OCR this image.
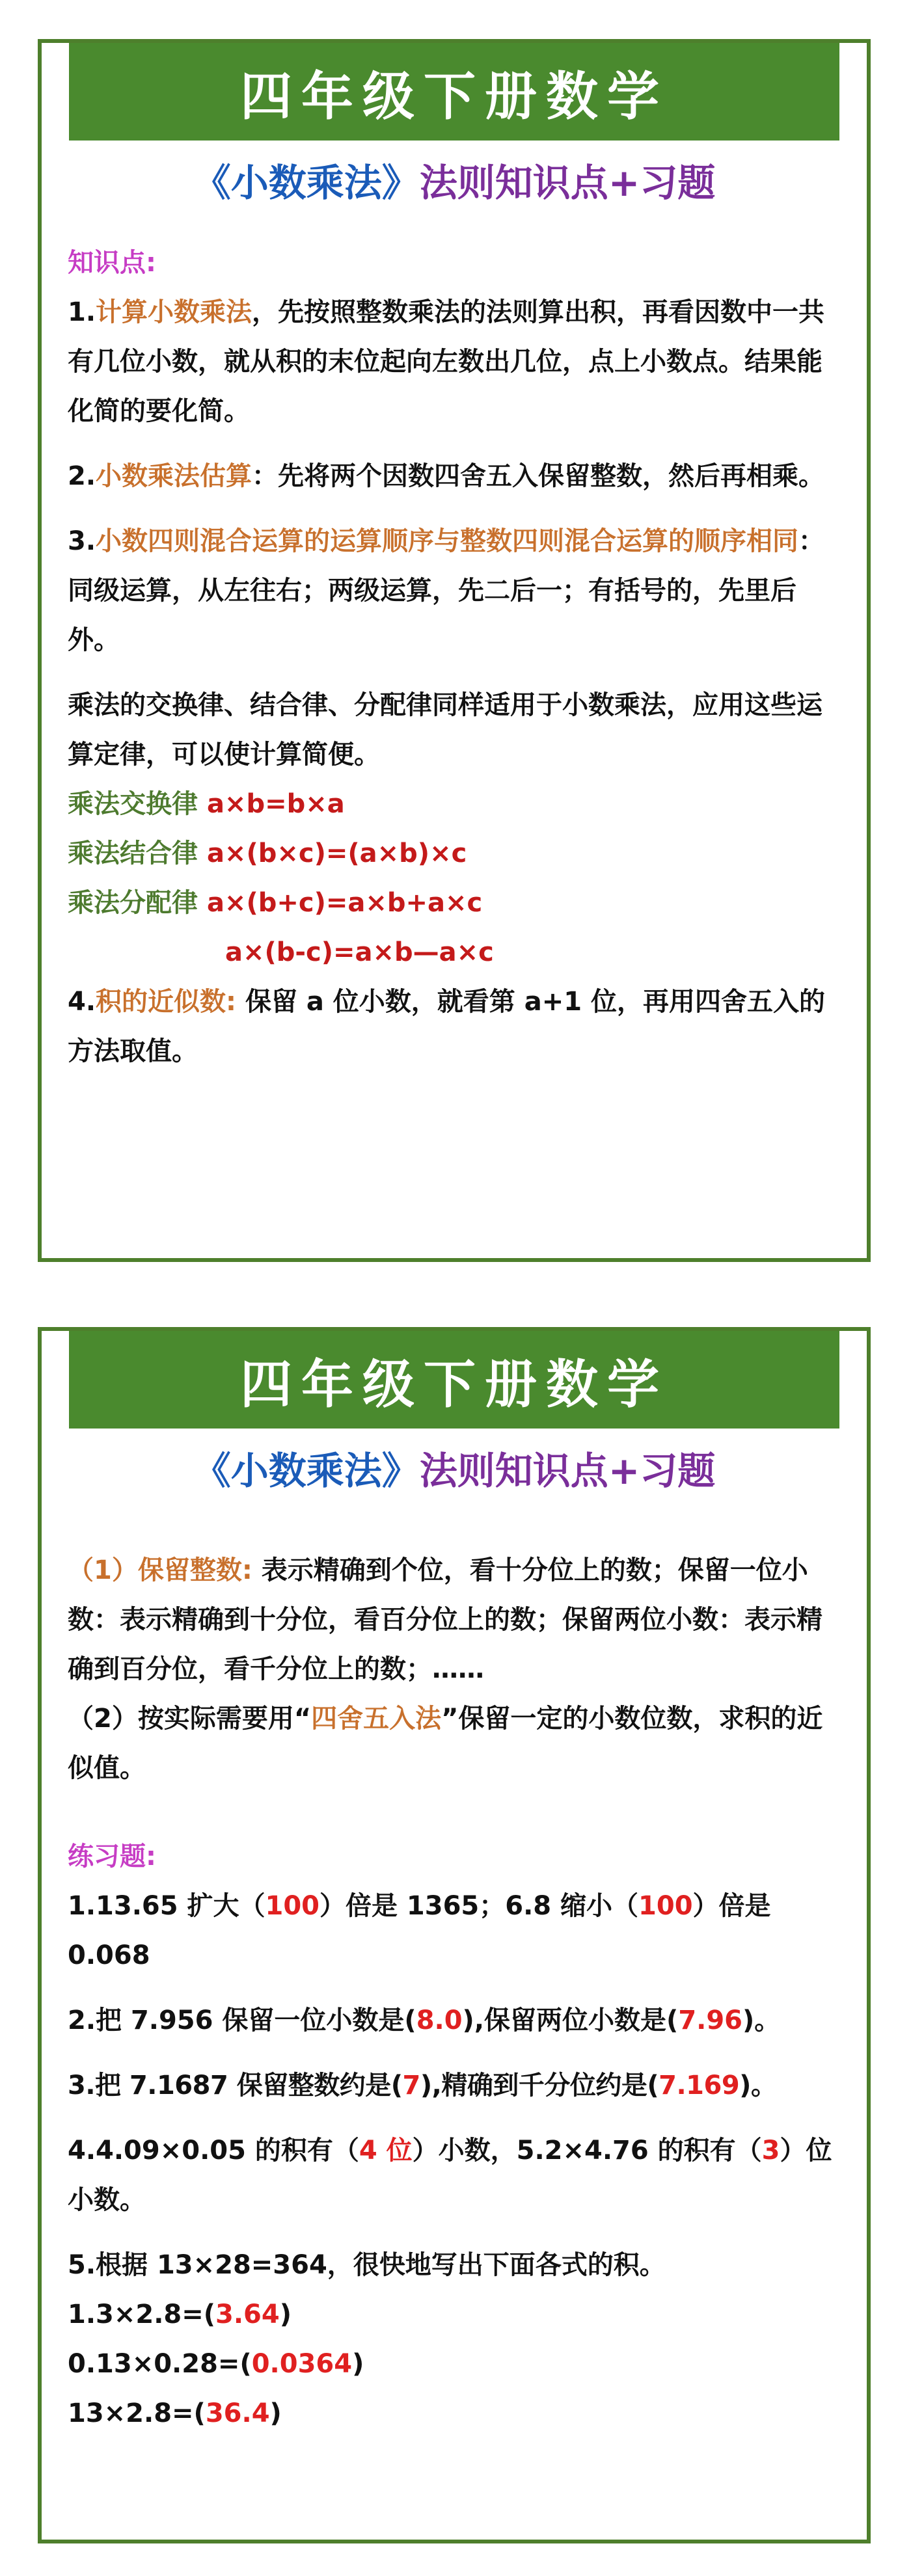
四年级下册数学
《小数乘法》法则知识点+习题

知识点:

1.计算小数乘法，先按照整数乘法的法则算出积，再看因数中一共有几位小数，就从积的末位起向左数出几位，点上小数点。结果能化简的要化简。

2.小数乘法估算：先将两个因数四舍五入保留整数，然后再相乘。

3.小数四则混合运算的运算顺序与整数四则混合运算的顺序相同：同级运算，从左往右；两级运算，先二后一；有括号的，先里后外。

乘法的交换律、结合律、分配律同样适用于小数乘法，应用这些运算定律，可以使计算简便。

乘法交换律 a×b=b×a

乘法结合律 a×(b×c)=(a×b)×c

乘法分配律 a×(b+c)=a×b+a×c

a×(b-c)=a×b—a×c

4.积的近似数: 保留 a 位小数，就看第 a+1 位，再用四舍五入的方法取值。

四年级下册数学
《小数乘法》法则知识点+习题

（1）保留整数: 表示精确到个位，看十分位上的数；保留一位小数：表示精确到十分位，看百分位上的数；保留两位小数：表示精确到百分位，看千分位上的数；……

（2）按实际需要用“四舍五入法”保留一定的小数位数，求积的近似值。

练习题:

1.13.65 扩大（100）倍是 1365；6.8 缩小（100）倍是 0.068

2.把 7.956 保留一位小数是(8.0),保留两位小数是(7.96)。

3.把 7.1687 保留整数约是(7),精确到千分位约是(7.169)。

4.4.09×0.05 的积有（4 位）小数，5.2×4.76 的积有（3）位小数。

5.根据 13×28=364，很快地写出下面各式的积。

1.3×2.8=(3.64)

0.13×0.28=(0.0364)

13×2.8=(36.4)
